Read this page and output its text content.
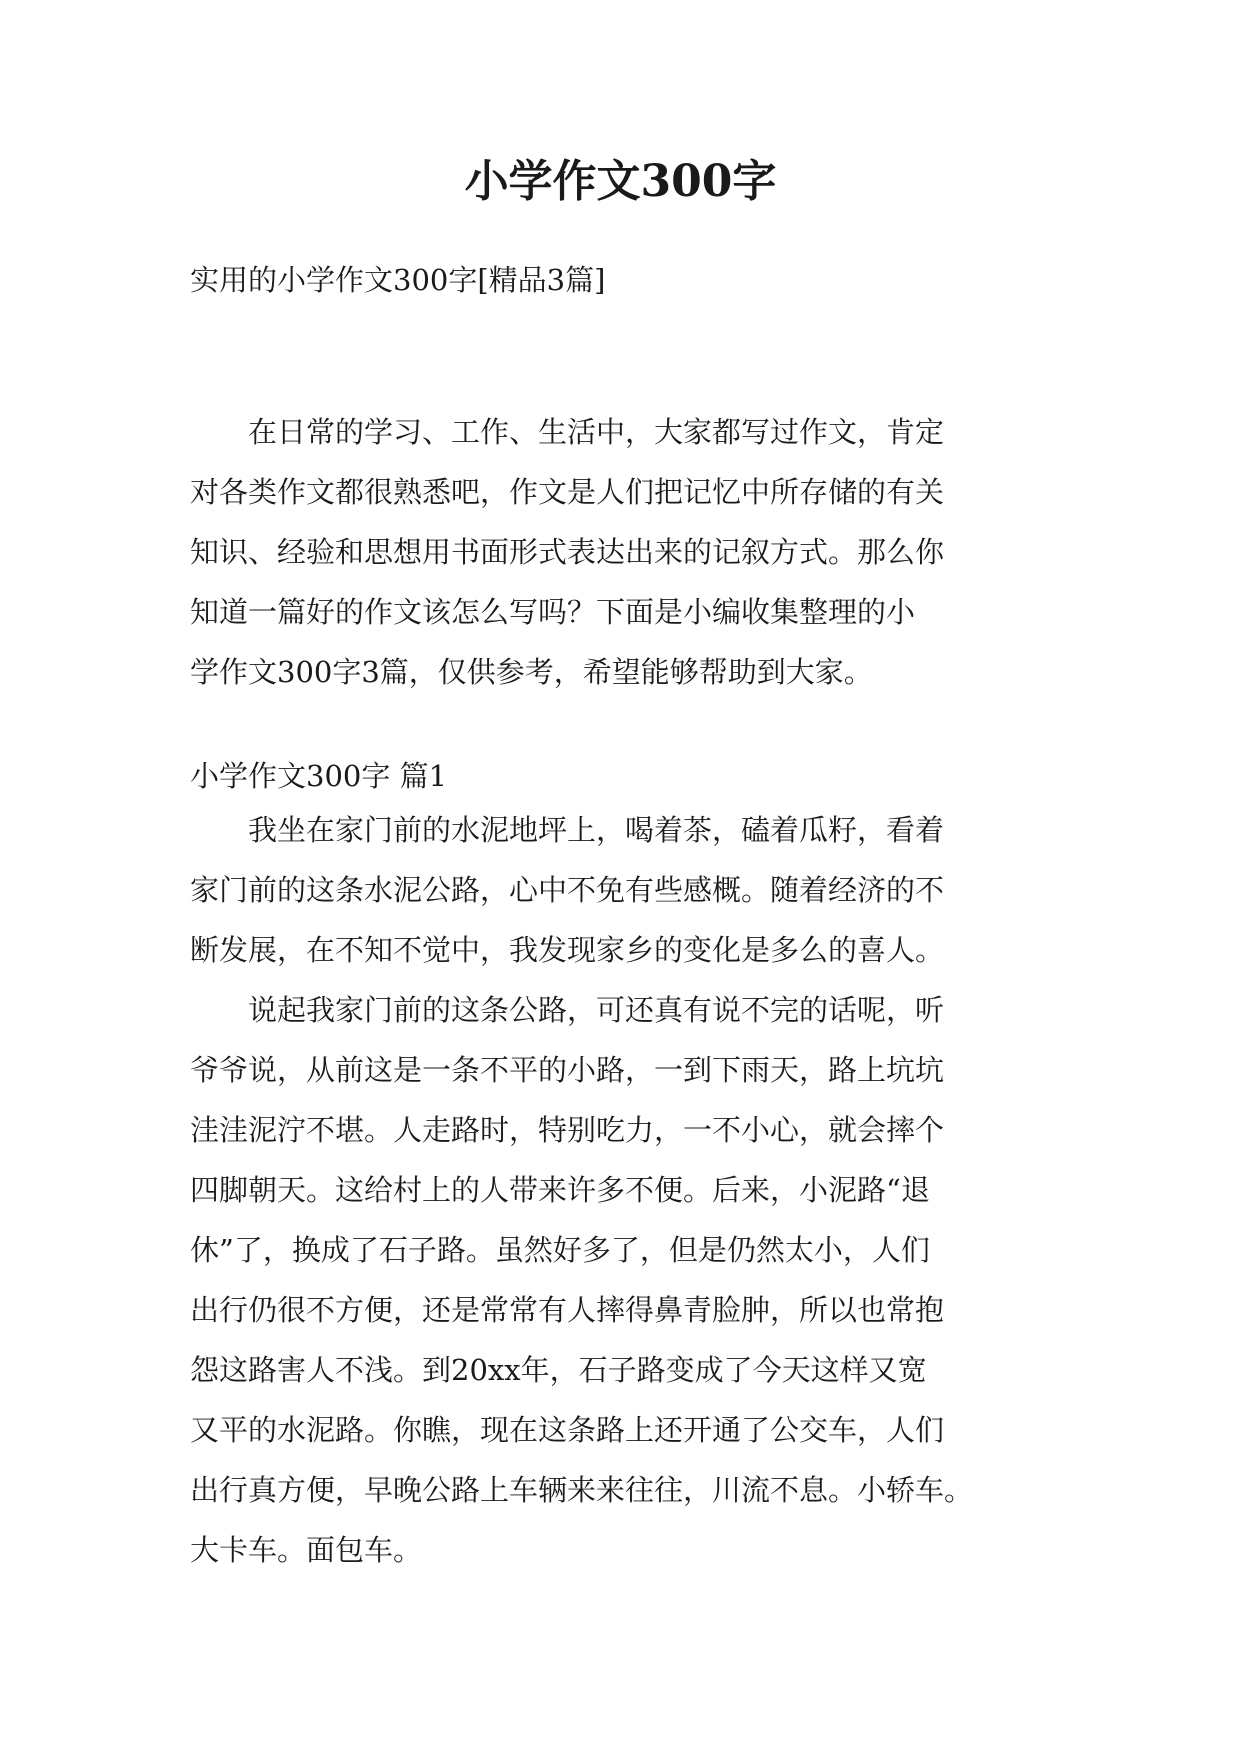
小学作文300字

实用的小学作文300字[精品3篇]

　　在日常的学习、工作、生活中，大家都写过作文，肯定
对各类作文都很熟悉吧，作文是人们把记忆中所存储的有关
知识、经验和思想用书面形式表达出来的记叙方式。那么你
知道一篇好的作文该怎么写吗？下面是小编收集整理的小
学作文300字3篇，仅供参考，希望能够帮助到大家。

小学作文300字 篇1

　　我坐在家门前的水泥地坪上，喝着茶，磕着瓜籽，看着
家门前的这条水泥公路，心中不免有些感概。随着经济的不
断发展，在不知不觉中，我发现家乡的变化是多么的喜人。
　　说起我家门前的这条公路，可还真有说不完的话呢，听
爷爷说，从前这是一条不平的小路，一到下雨天，路上坑坑
洼洼泥泞不堪。人走路时，特别吃力，一不小心，就会摔个
四脚朝天。这给村上的人带来许多不便。后来，小泥路“退
休”了，换成了石子路。虽然好多了，但是仍然太小，人们
出行仍很不方便，还是常常有人摔得鼻青脸肿，所以也常抱
怨这路害人不浅。到20xx年，石子路变成了今天这样又宽
又平的水泥路。你瞧，现在这条路上还开通了公交车，人们
出行真方便，早晚公路上车辆来来往往，川流不息。小轿车。
大卡车。面包车。
